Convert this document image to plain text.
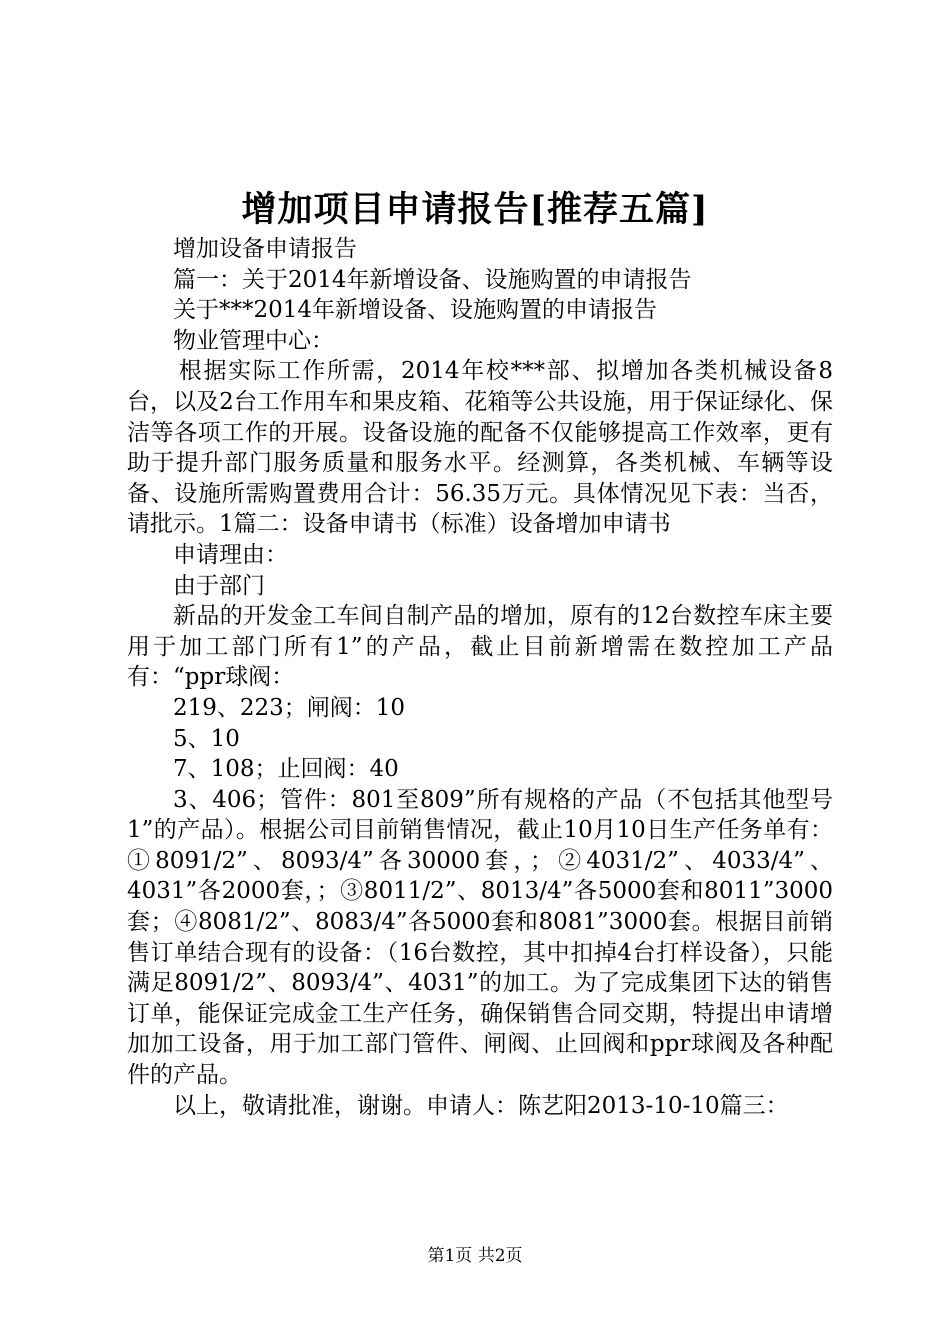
增加项目申请报告[推荐五篇]

增加设备申请报告

篇一：关于2014年新增设备、设施购置的申请报告

关于***2014年新增设备、设施购置的申请报告

物业管理中心：

根据实际工作所需，2014年校***部、拟增加各类机械设备8台，以及2台工作用车和果皮箱、花箱等公共设施，用于保证绿化、保洁等各项工作的开展。设备设施的配备不仅能够提高工作效率，更有助于提升部门服务质量和服务水平。经测算，各类机械、车辆等设备、设施所需购置费用合计：56.35万元。具体情况见下表：当否，请批示。1篇二：设备申请书（标准）设备增加申请书

申请理由：

由于部门

新品的开发金工车间自制产品的增加，原有的12台数控车床主要用于加工部门所有1”的产品，截止目前新增需在数控加工产品有：“ppr球阀：

219、223；闸阀：10

5、10

7、108；止回阀：40

3、406；管件：801至809”所有规格的产品（不包括其他型号1”的产品）。根据公司目前销售情况，截止10月10日生产任务单有：①8091/2”、8093/4”各30000套，；②4031/2”、4033/4”、4031”各2000套，；③8011/2”、8013/4”各5000套和8011”3000套；④8081/2”、8083/4”各5000套和8081”3000套。根据目前销售订单结合现有的设备：（16台数控，其中扣掉4台打样设备），只能满足8091/2”、8093/4”、4031”的加工。为了完成集团下达的销售订单，能保证完成金工生产任务，确保销售合同交期，特提出申请增加加工设备，用于加工部门管件、闸阀、止回阀和ppr球阀及各种配件的产品。

以上，敬请批准，谢谢。申请人：陈艺阳2013-10-10篇三：

第1页 共2页
